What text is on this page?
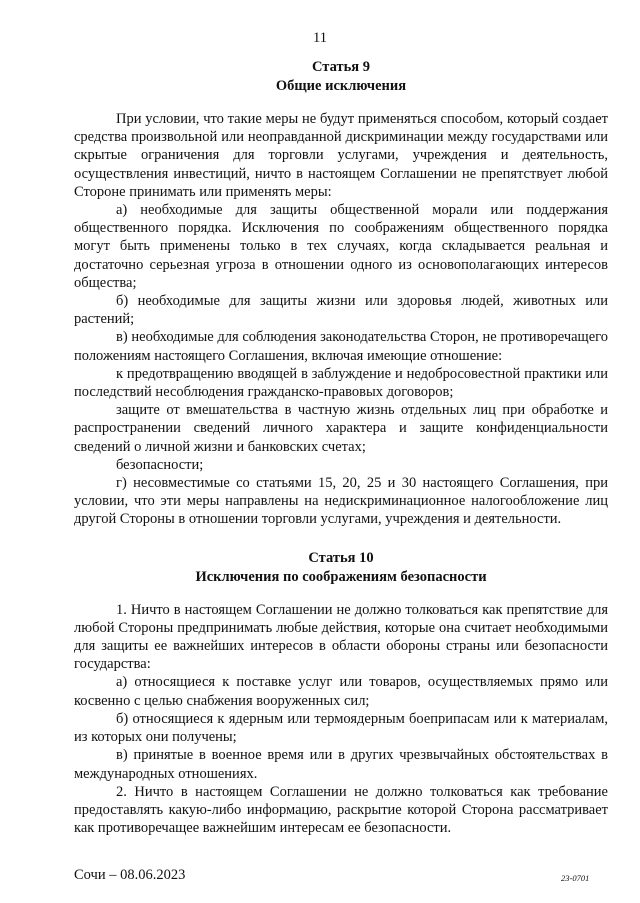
11
Статья 9
Общие исключения

При условии, что такие меры не будут применяться способом, который создает средства произвольной или неоправданной дискриминации между государствами или скрытые ограничения для торговли услугами, учреждения и деятельность, осуществления инвестиций, ничто в настоящем Соглашении не препятствует любой Стороне принимать или применять меры:

а) необходимые для защиты общественной морали или поддержания общественного порядка. Исключения по соображениям общественного порядка могут быть применены только в тех случаях, когда складывается реальная и достаточно серьезная угроза в отношении одного из основополагающих интересов общества;

б) необходимые для защиты жизни или здоровья людей, животных или растений;

в) необходимые для соблюдения законодательства Сторон, не противоречащего положениям настоящего Соглашения, включая имеющие отношение:

к предотвращению вводящей в заблуждение и недобросовестной практики или последствий несоблюдения гражданско-правовых договоров;

защите от вмешательства в частную жизнь отдельных лиц при обработке и распространении сведений личного характера и защите конфиденциальности сведений о личной жизни и банковских счетах;

безопасности;

г) несовместимые со статьями 15, 20, 25 и 30 настоящего Соглашения, при условии, что эти меры направлены на недискриминационное налогообложение лиц другой Стороны в отношении торговли услугами, учреждения и деятельности.

Статья 10
Исключения по соображениям безопасности

1. Ничто в настоящем Соглашении не должно толковаться как препятствие для любой Стороны предпринимать любые действия, которые она считает необходимыми для защиты ее важнейших интересов в области обороны страны или безопасности государства:

а) относящиеся к поставке услуг или товаров, осуществляемых прямо или косвенно с целью снабжения вооруженных сил;

б) относящиеся к ядерным или термоядерным боеприпасам или к материалам, из которых они получены;

в) принятые в военное время или в других чрезвычайных обстоятельствах в международных отношениях.

2. Ничто в настоящем Соглашении не должно толковаться как требование предоставлять какую-либо информацию, раскрытие которой Сторона рассматривает как противоречащее важнейшим интересам ее безопасности.

Сочи – 08.06.2023	23-0701
